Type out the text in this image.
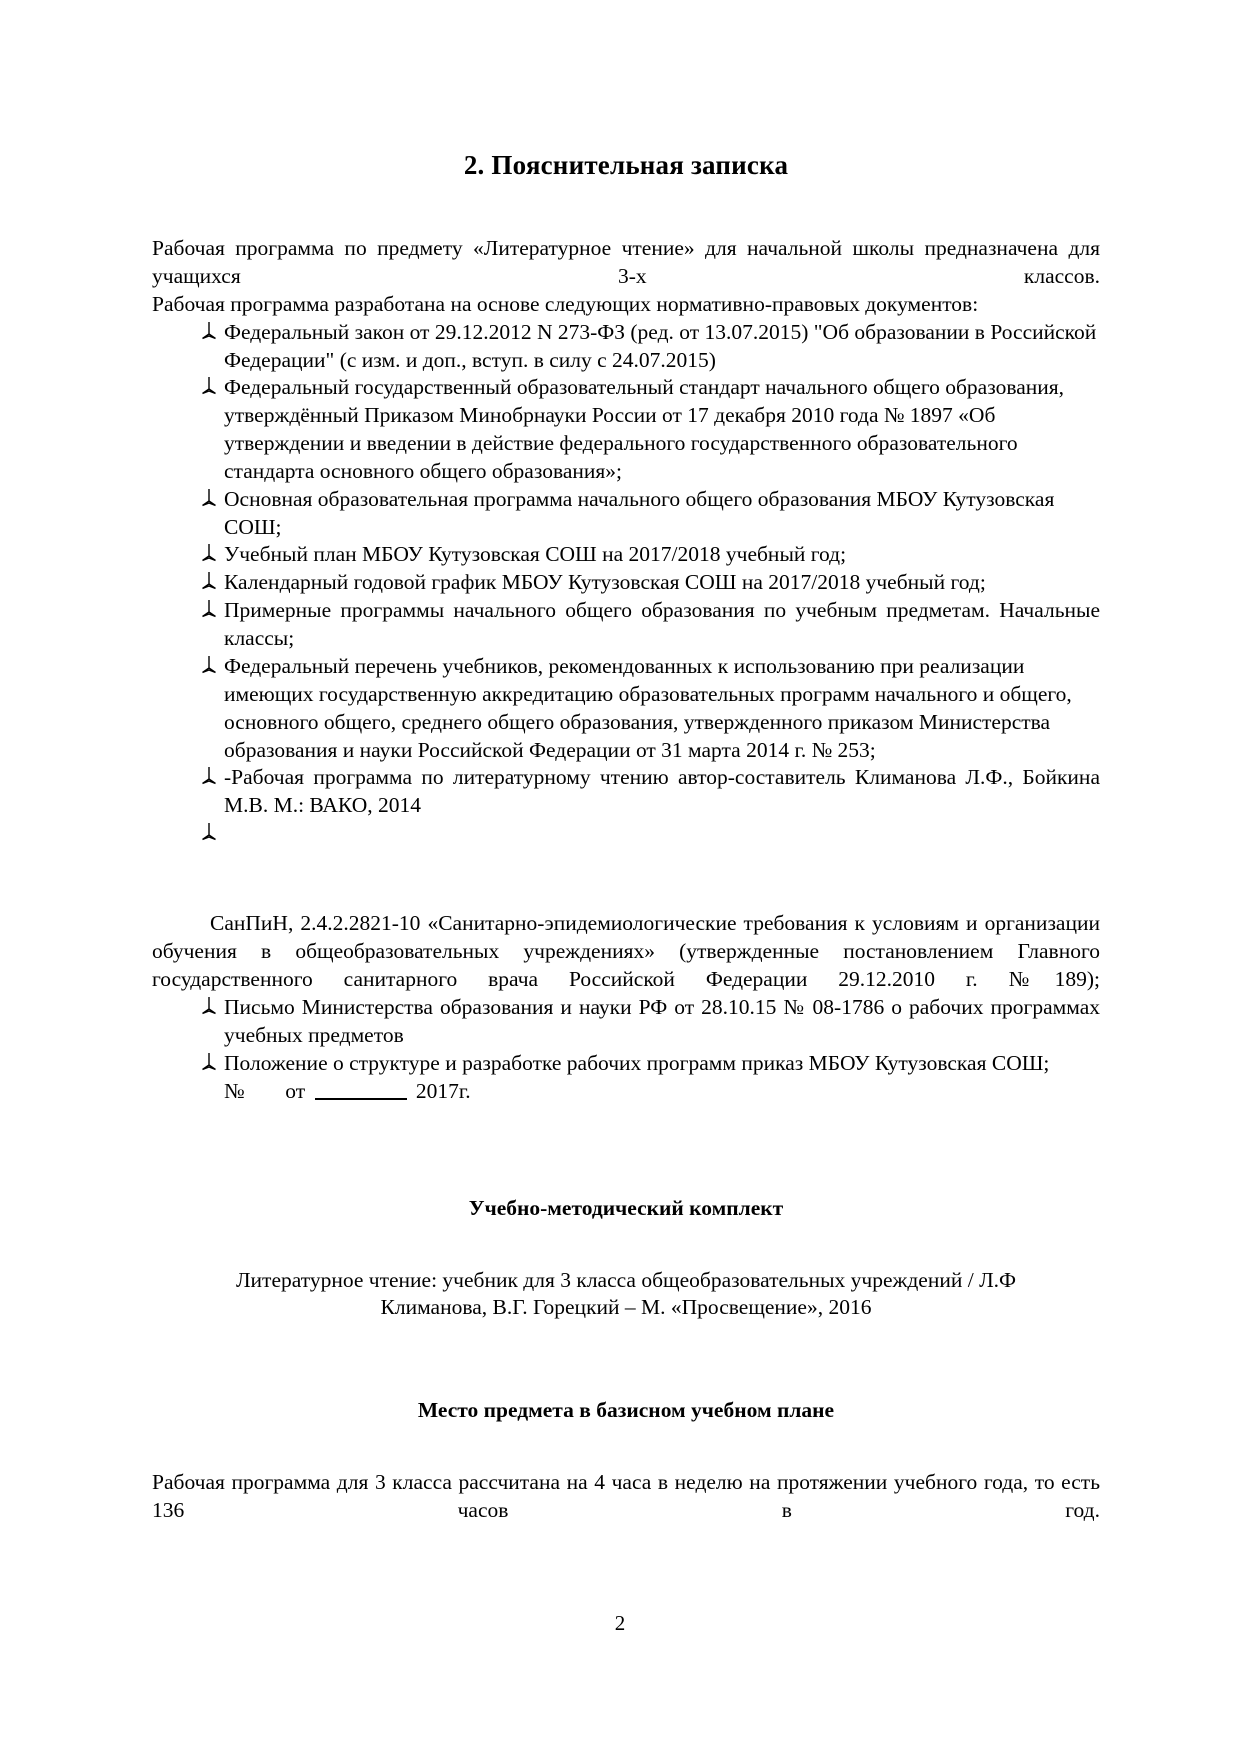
2. Пояснительная записка

Рабочая программа по предмету «Литературное чтение» для начальной школы предназначена для учащихся 3-х классов.

Рабочая программа разработана на основе следующих нормативно-правовых документов:

Федеральный закон от 29.12.2012 N 273-ФЗ (ред. от 13.07.2015) "Об образовании в Российской Федерации" (с изм. и доп., вступ. в силу с 24.07.2015)
Федеральный государственный образовательный стандарт начального общего образования, утверждённый Приказом Минобрнауки России от 17 декабря 2010 года № 1897 «Об утверждении и введении в действие федерального государственного образовательного стандарта основного общего образования»;
Основная образовательная программа начального общего образования МБОУ Кутузовская СОШ;
Учебный план МБОУ Кутузовская СОШ на 2017/2018 учебный год;
Календарный годовой график МБОУ Кутузовская СОШ на 2017/2018 учебный год;
Примерные программы начального общего образования по учебным предметам. Начальные классы;
Федеральный перечень учебников, рекомендованных к использованию при реализации имеющих государственную аккредитацию образовательных программ начального и общего, основного общего, среднего общего образования, утвержденного приказом Министерства образования и науки Российской Федерации от 31 марта 2014 г. № 253;
-Рабочая программа по литературному чтению автор-составитель Климанова Л.Ф., Бойкина М.В. М.: ВАКО, 2014

СанПиН, 2.4.2.2821-10 «Санитарно-эпидемиологические требования к условиям и организации обучения в общеобразовательных учреждениях» (утвержденные постановлением Главного государственного санитарного врача Российской Федерации 29.12.2010 г. №189);

Письмо Министерства образования и науки РФ от 28.10.15 № 08-1786 о рабочих программах учебных предметов
Положение о структуре и разработке рабочих программ приказ МБОУ Кутузовская СОШ;
№ от	2017г.

Учебно-методический комплект

Литературное чтение: учебник для 3 класса общеобразовательных учреждений / Л.Ф

Климанова, В.Г. Горецкий – М. «Просвещение», 2016

Место предмета в базисном учебном плане

Рабочая программа для 3 класса рассчитана на 4 часа в неделю на протяжении учебного года, то есть 136 часов в год.

2
